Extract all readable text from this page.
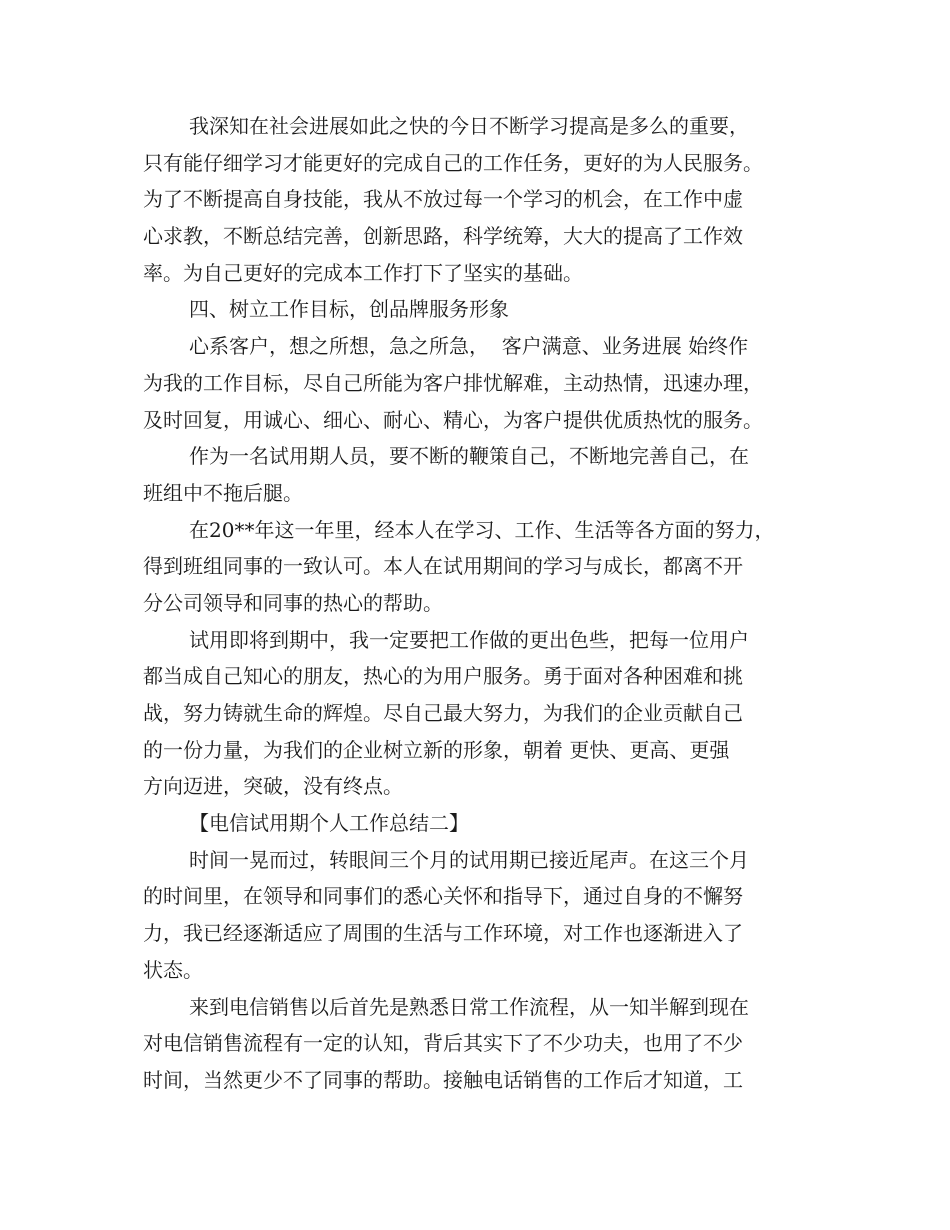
我深知在社会进展如此之快的今日不断学习提高是多么的重要，
只有能仔细学习才能更好的完成自己的工作任务，更好的为人民服务。
为了不断提高自身技能，我从不放过每一个学习的机会，在工作中虚
心求教，不断总结完善，创新思路，科学统筹，大大的提高了工作效
率。为自己更好的完成本工作打下了坚实的基础。
四、树立工作目标，创品牌服务形象
心系客户，想之所想，急之所急，  客户满意、业务进展 始终作
为我的工作目标，尽自己所能为客户排忧解难，主动热情，迅速办理，
及时回复，用诚心、细心、耐心、精心，为客户提供优质热忱的服务。
作为一名试用期人员，要不断的鞭策自己，不断地完善自己，在
班组中不拖后腿。
在20**年这一年里，经本人在学习、工作、生活等各方面的努力，
得到班组同事的一致认可。本人在试用期间的学习与成长，都离不开
分公司领导和同事的热心的帮助。
试用即将到期中，我一定要把工作做的更出色些，把每一位用户
都当成自己知心的朋友，热心的为用户服务。勇于面对各种困难和挑
战，努力铸就生命的辉煌。尽自己最大努力，为我们的企业贡献自己
的一份力量，为我们的企业树立新的形象，朝着 更快、更高、更强
方向迈进，突破，没有终点。
【电信试用期个人工作总结二】
时间一晃而过，转眼间三个月的试用期已接近尾声。在这三个月
的时间里，在领导和同事们的悉心关怀和指导下，通过自身的不懈努
力，我已经逐渐适应了周围的生活与工作环境，对工作也逐渐进入了
状态。
来到电信销售以后首先是熟悉日常工作流程，从一知半解到现在
对电信销售流程有一定的认知，背后其实下了不少功夫，也用了不少
时间，当然更少不了同事的帮助。接触电话销售的工作后才知道，工
